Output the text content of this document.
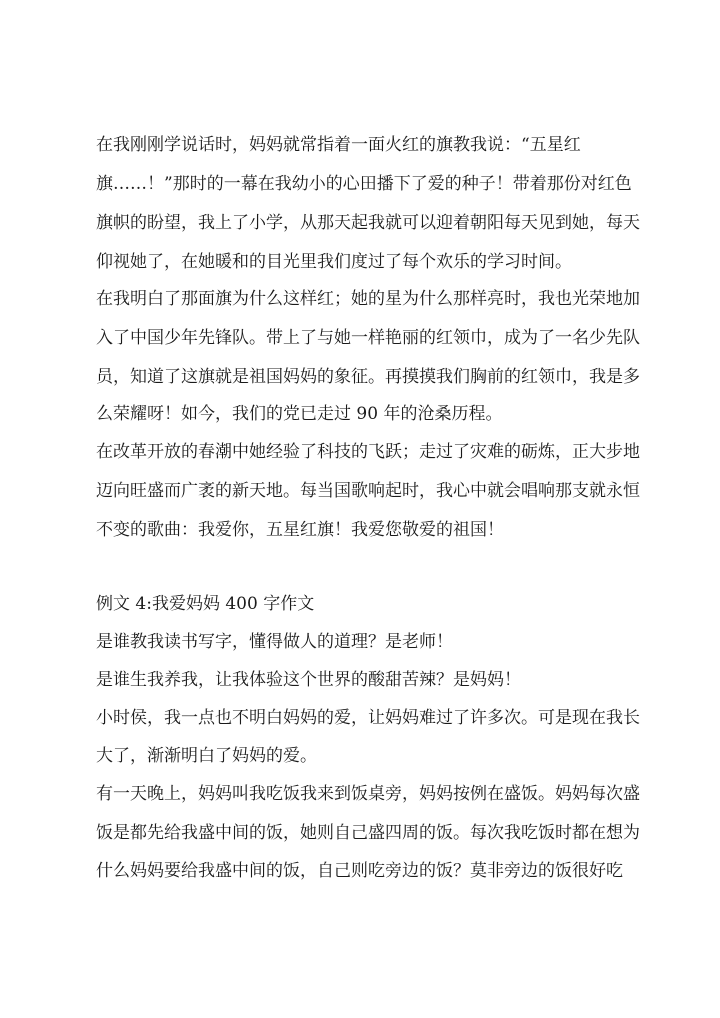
在我刚刚学说话时，妈妈就常指着一面火红的旗教我说：“五星红
旗……！”那时的一幕在我幼小的心田播下了爱的种子！带着那份对红色
旗帜的盼望，我上了小学，从那天起我就可以迎着朝阳每天见到她，每天
仰视她了，在她暖和的目光里我们度过了每个欢乐的学习时间。
在我明白了那面旗为什么这样红；她的星为什么那样亮时，我也光荣地加
入了中国少年先锋队。带上了与她一样艳丽的红领巾，成为了一名少先队
员，知道了这旗就是祖国妈妈的象征。再摸摸我们胸前的红领巾，我是多
么荣耀呀！如今，我们的党已走过 90 年的沧桑历程。
在改革开放的春潮中她经验了科技的飞跃；走过了灾难的砺炼，正大步地
迈向旺盛而广袤的新天地。每当国歌响起时，我心中就会唱响那支就永恒
不变的歌曲：我爱你，五星红旗！我爱您敬爱的祖国！
例文 4:我爱妈妈 400 字作文
是谁教我读书写字，懂得做人的道理？是老师！
是谁生我养我，让我体验这个世界的酸甜苦辣？是妈妈！
小时侯，我一点也不明白妈妈的爱，让妈妈难过了许多次。可是现在我长
大了，渐渐明白了妈妈的爱。
有一天晚上，妈妈叫我吃饭我来到饭桌旁，妈妈按例在盛饭。妈妈每次盛
饭是都先给我盛中间的饭，她则自己盛四周的饭。每次我吃饭时都在想为
什么妈妈要给我盛中间的饭，自己则吃旁边的饭？莫非旁边的饭很好吃
